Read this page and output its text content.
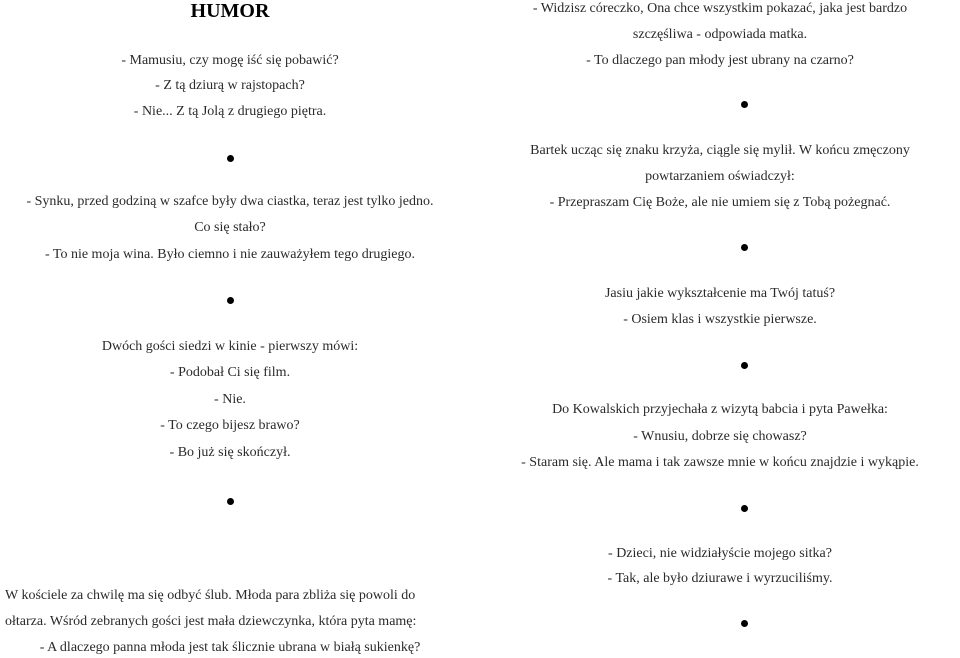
HUMOR
- Mamusiu, czy mogę iść się pobawić?
- Z tą dziurą w rajstopach?
- Nie... Z tą Jolą z drugiego piętra.
- Synku, przed godziną w szafce były dwa ciastka, teraz jest tylko jedno.
Co się stało?
- To nie moja wina. Było ciemno i nie zauważyłem tego drugiego.
Dwóch gości siedzi w kinie - pierwszy mówi:
- Podobał Ci się film.
- Nie.
- To czego bijesz brawo?
- Bo już się skończył.
W kościele za chwilę ma się odbyć ślub. Młoda para zbliża się powoli do
ołtarza. Wśród zebranych gości jest mała dziewczynka, która pyta mamę:
- A dlaczego panna młoda jest tak ślicznie ubrana w białą sukienkę?
- Widzisz córeczko, Ona chce wszystkim pokazać, jaka jest bardzo
szczęśliwa - odpowiada matka.
- To dlaczego pan młody jest ubrany na czarno?
Bartek ucząc się znaku krzyża, ciągle się mylił. W końcu zmęczony
powtarzaniem oświadczył:
- Przepraszam Cię Boże, ale nie umiem się z Tobą pożegnać.
Jasiu jakie wykształcenie ma Twój tatuś?
- Osiem klas i wszystkie pierwsze.
Do Kowalskich przyjechała z wizytą babcia i pyta Pawełka:
- Wnusiu, dobrze się chowasz?
- Staram się. Ale mama i tak zawsze mnie w końcu znajdzie i wykąpie.
- Dzieci, nie widziałyście mojego sitka?
- Tak, ale było dziurawe i wyrzuciliśmy.
